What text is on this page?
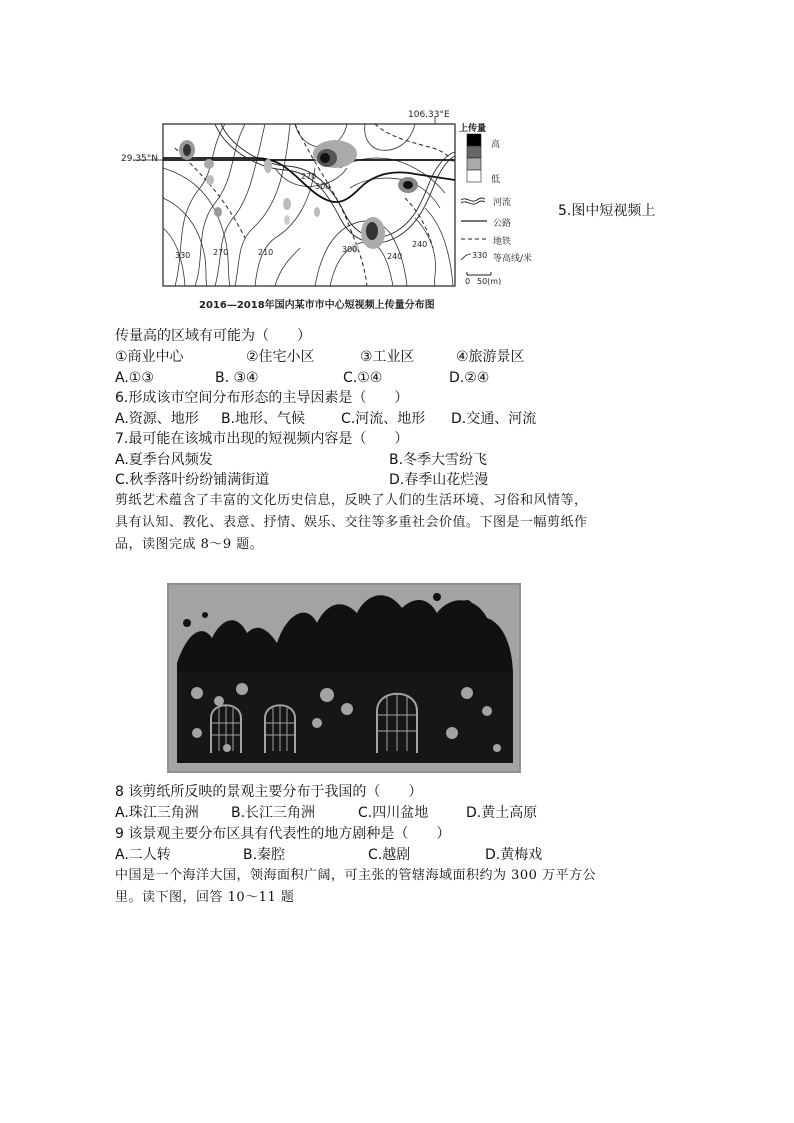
106.33°E
29.35°N
上传量
高
低
河流
公路
地铁
330 等高线/米
0 50(m)
270
300
330	270	210	300
240
240
2016—2018年国内某市市中心短视频上传量分布图
5.图中短视频上
传量高的区域有可能为（　　）
①商业中心	②住宅小区	③工业区	④旅游景区
A.①③	B. ③④	C.①④	D.②④
6.形成该市空间分布形态的主导因素是（　　）
A.资源、地形 B.地形、气候	C.河流、地形 D.交通、河流
7.最可能在该城市出现的短视频内容是（　　）
A.夏季台风频发	B.冬季大雪纷飞
C.秋季落叶纷纷铺满街道	D.春季山花烂漫
剪纸艺术蕴含了丰富的文化历史信息，反映了人们的生活环境、习俗和风情等，
具有认知、教化、表意、抒情、娱乐、交往等多重社会价值。下图是一幅剪纸作
品，读图完成 8～9 题。
8 该剪纸所反映的景观主要分布于我国的（　　）
A.珠江三角洲 B.长江三角洲	C.四川盆地	D.黄土高原
9 该景观主要分布区具有代表性的地方剧种是（　　）
A.二人转	B.秦腔	C.越剧	D.黄梅戏
中国是一个海洋大国，领海面积广阔，可主张的管辖海域面积约为 300 万平方公
里。读下图，回答 10～11 题
